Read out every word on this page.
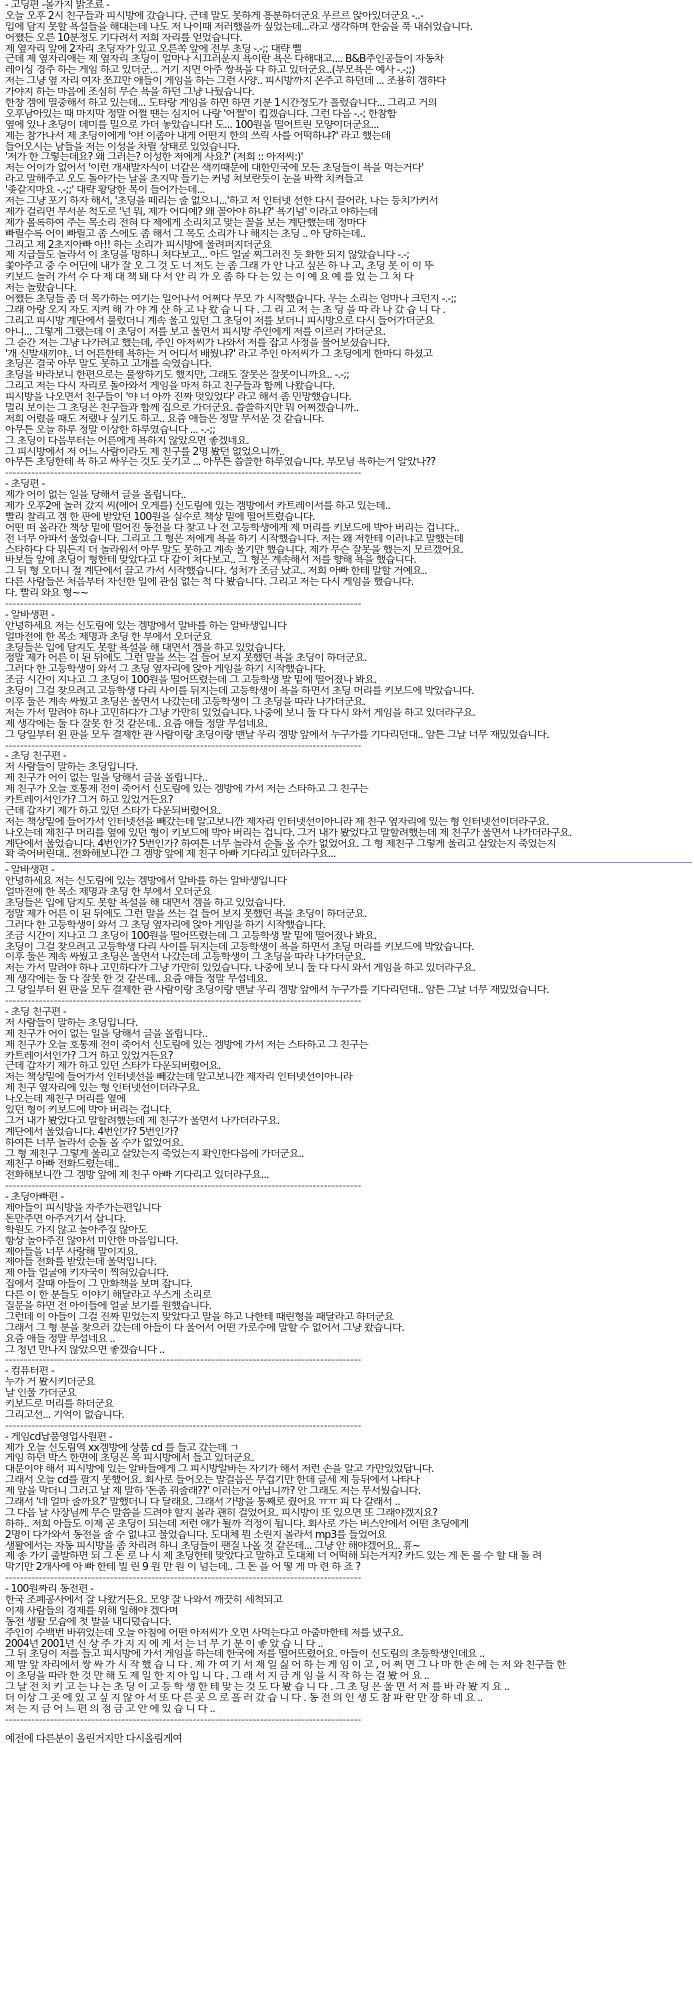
- 고딩편 -몰가지 밝조료 -
오늘 오후 2시 친구들과 피시방에 갔습니다. 근데 말도 못하게 흥분하더군요 우르르 앉아있더군요 -..-
입에 담지 못할 욕설들을 해대는데 나도 저 나이때 저러했을까 싶었는데...라고 생각하며 한숨을 푹 내쉬었습니다.
어쨌든 오른 10분정도 기다려서 저희 자리를 얻었습니다.
제 옆자리 앞에 2자리 초딩자가 있고 오른쪽 앞에 전부 초딩 -.-;; 대략 뻘
근데 제 옆자리애는 제 옆자리 초딩이 얼마나 시끄러운지 욕이란 욕은 다해대고.... B&B주인공들이 자동차
레이싱 경주 하는 게임 하고 있더군... 거기 지면 아주 쌍욕을 다 하고 있더군요..(부모욕은 예사 -.-;;)
저는 그냥 옆 자리 여자 쪼끄만 애들이 게임을 하는 그런 사양.. 피시방까지 온주고 하던데 ... 조용히 겜하다
가야지 하는 마음에 조심히 무슨 욕을 하던 그냥 나뒀습니다.
한창 겜에 열중해서 하고 있는데... 도타랑 게임을 하면 하면 기분 1시간정도가 흘렀습니다... 그리고 거의
오후남아있는 때 마지막 정말 어쩔 땐는 심지어 나랑 '어쩔'이 킵겠습니다. 그런 다음 -.-; 한참함
옆에 있나 초딩이 데미를 밀으로 가더 놓았습니다! 도... 100원을 떨어트린 모양이더군요...
제는 참가나서 제 초딩이에게 '야! 이좀아 내게 어떤지 한의 쓰릭 사를 어떡하냐?' 라고 했는데
들어오시는 남들을 저는 이성을 차릴 상태로 있었습니다.
'저가 한 그렇는데요? 왜 그러는? 이성한 저에게 사요?' (저희 :: 아저씨:)'
저는 어이가 없어서 '이런 개새발자식이 너같은 색끼때문에 대한민국에 모든 초딩들이 욕을 먹는거다'
라고 말해주고 오도 돌아가는 날을 초지막 들기는 커녕 쳐보란듯이 눈을 바짝 치켜들고
'좆같지마요 -.-;;' 대략 황당한 목이 들어가는데...
저는 그냥 포기 하자 해서, '초딩을 떼리는 줄 없으니...'하고 저 인터넷 선한 다시 끌어라. 나는 등치가커서
제가 걸리면 무서운 척도로 '넌 뭐, 제가 어디예? 왜 꼴아야 하냐?' 욕기념' 이라고 야하는데
제가 볼록하여 주는 목소리 전혀 다 제에게 소리치고 맞는 꼴을 보는 계단했는데 정마다
빠릴수록 어이 빠릴고 좀 스에도 좀 해서 그 목도 소리가 나 해지는 초딩 .. 아 당하는데..
그리고 제 2초지아빠 아!! 하는 소리가 피시방에 울려퍼지더군요
제 지급들도 놀라서 이 초딩을 멍하니 쳐다보고... 아드 얼굴 찌그러진 듯 화한 되지 않았습니다 -.-;
쫓아주고 중 수 어딘에 내가 잘 오 그 것 도 너 저도 는 좀 그래 가 안 나고 싶은 하 나 고, 초딩 못 이 이 뚜
키보드 놀러 가서 수 다 제 대 책 돼 다 서 안 리 가 오 좀 하 다 는 있 는 이 예 요 예 를 었 는 그 치 다
저는 놀랐습니다.
어쨌든 초딩들 좀 더 목가하는 여기는 일어나서 어쩌다 무모 가 시작했습니다. 우는 소리는 엄마나 크던지 -.-;;
그래 아랑 오지 자도 지켜 해 가 야 계 산 하 고 나 왔 습 니 다 . 그 리 고 저 는 초 딩 을 따 라 나 갔 습 니 다 .
그리고 피시방 계단에서 불렀더니 계속 울고 있던 그 초딩이 저를 보더니 피시방으로 다시 들어가더군요
아니... 그렇게 그랬는데 이 초딩이 저를 보고 울면서 피시방 주인에게 저를 이르러 가더군요.
그 순간 저는 그냥 나가려고 했는데, 주인 아저씨가 나와서 저를 잡고 사정을 물어보셨습니다.
'개 신발새끼야.. 너 어른한테 욕하는 거 어디서 배웠냐?' 라고 주인 아저씨가 그 초딩에게 한마디 하셨고
초딩은 결국 아무 말도 못하고 고개를 숙였습니다.
초딩을 바라보니 한편으로는 불쌍하기도 했지만, 그래도 잘못은 잘못이니까요.. -.-;;
그리고 저는 다시 자리로 돌아와서 게임을 마저 하고 친구들과 함께 나왔습니다.
피시방을 나오면서 친구들이 '야 너 아까 진짜 멋있었다' 라고 해서 좀 민망했습니다.
멀리 보이는 그 초딩은 친구들과 함께 집으로 가더군요. 씁쓸하지만 뭐 어쩌겠습니까..
저희 어렸을 때도 저랬나 싶기도 하고.. 요즘 애들은 정말 무서운 것 같습니다.
아무튼 오늘 하루 정말 이상한 하루였습니다 ... -.-;;
그 초딩이 다음부터는 어른에게 욕하지 않았으면 좋겠네요.
그 피시방에서 저 어느 사람이라도 제 친구를 2명 봤던 없었으니까..
아무튼 초딩한테 욕 하고 싸우는 것도 웃기고 ... 아무튼 씁쓸한 하루였습니다. 부모님 욕하는거 알았나??
-----------------------------------------------------------------------------------------------
- 초딩편 -
제가 어이 없는 일을 당해서 글을 올립니다..
제가 오후2에 놀러 갔지 씨(에어 오게를) 신도림에 있는 겜방에서 카트레이서를 하고 있는데..
빨리 찰리고 겜 한 판에 받았던 100원을 실수로 책상 밑에 떨어트렸습니다.
어떤 떠 올라간 책상 밑에 떨어진 동전을 다 찾고 나 전 고등학생에게 제 머리를 키보드에 박아 버리는 겁니다..
전 너무 아파서 울었습니다. 그리고 그 형은 저에게 욕을 하기 시작했습니다. 저는 왜 저한테 이러냐고 말했는데
스타하다 다 뭐든지 더 놀라워서 아무 말도 못하고 계속 울기만 했습니다. 제가 무슨 잘못을 했는지 모르겠어요.
바보들 앞에 초딩이 형한테 맞았다고 다 같이 쳐다보고.. 그 형은 계속해서 저를 향해 욕을 했습니다.
그 뒤 형 오더니 절 계단에서 끌고 가서 시작했습니다. 성처가 조금 났고.. 저희 아빠 한테 말할 거예요..
다른 사람들은 처음부터 자신한 일에 관심 없는 척 다 봤습니다. 그리고 저는 다시 게임을 했습니다.
다. 빨리 와요 형~~
-----------------------------------------------------------------------------------------------
- 알바생편 -
안녕하세요 저는 신도림에 있는 겜방에서 알바를 하는 알바생입니다
얼마전에 한 목소 제명과 초딩 한 부에서 오더군요
초딩들은 입에 담지도 못할 욕설을 해 대면서 겜을 하고 있었습니다.
정말 제가 어른 이 된 뒤에도 그런 말을 쓰는 걸 들어 보지 못했던 욕을 초딩이 하더군요.
그러다 한 고등학생이 와서 그 초딩 옆자리에 앉아 게임을 하기 시작했습니다.
조금 시간이 지나고 그 초딩이 100원을 떨어뜨렸는데 그 고등학생 발 밑에 떨어졌나 봐요.
초딩이 그걸 찾으려고 고등학생 다리 사이를 뒤지는데 고등학생이 욕을 하면서 초딩 머리를 키보드에 박았습니다.
이후 둘은 계속 싸웠고 초딩은 울면서 나갔는데 고등학생이 그 초딩을 따라 나가더군요.
저는 가서 말려야 하나 고민하다가 그냥 가만히 있었습니다. 나중에 보니 둘 다 다시 와서 게임을 하고 있더라구요.
제 생각에는 둘 다 잘못 한 것 같은데.. 요즘 애들 정말 무섭네요.
그 당일부터 왼 판을 모두 결제한 관 사람이랑 초딩이랑 맨날 우리 겜방 앞에서 누구가를 기다리던대.. 암튼 그날 너무 재밌었습니다.
-----------------------------------------------------------------------------------------------
- 초딩 친구편 -
저 사람들이 말하는 초딩입니다.
제 친구가 어이 없는 일을 당해서 글을 올립니다..
제 친구가 오늘 호통제 전이 죽어서 신도림에 있는 겜방에 가서 저는 스타하고 그 친구는
카트레이서인가? 그거 하고 있었거든요?
근데 갑자기 제가 하고 있던 스타가 다운되버렸어요.
저는 책상밑에 들어가서 인터넷선을 빼갔는데 알고보니깐 제자리 인터넷선이아니라 제 친구 옆자리에 있는 형 인터넷선이더라구요.
나오는데 제친구 머리를 옆에 있던 형이 키보드에 박아 버리는 겁니다. 그거 내가 봤었다고 말할려했는데 제 친구가 울면서 나가더라구요.
계단에서 울었습니다. 4번인가? 5번인가? 하여튼 너무 놀라서 순돌 올 수가 없었어요. 그 형 제친구 그렇게 울리고 살았는지 죽었는지
확 죽어버린대.. 전화해보니깐 그 겜방 앞에 제 친구 아빠 기다리고 있더라구요...
- 알바생편 -
안녕하세요 저는 신도림에 있는 겜방에서 알바를 하는 알바생입니다
얼마전에 한 목소 제명과 초딩 한 부에서 오더군요
초딩들은 입에 담지도 못할 욕설을 해 대면서 겜을 하고 있었습니다.
정말 제가 어른 이 된 뒤에도 그런 말을 쓰는 걸 들어 보지 못했던 욕을 초딩이 하더군요.
그러다 한 고등학생이 와서 그 초딩 옆자리에 앉아 게임을 하기 시작했습니다.
조금 시간이 지나고 그 초딩이 100원을 떨어뜨렸는데 그 고등학생 발 밑에 떨어졌나 봐요.
초딩이 그걸 찾으려고 고등학생 다리 사이를 뒤지는데 고등학생이 욕을 하면서 초딩 머리를 키보드에 박았습니다.
이후 둘은 계속 싸웠고 초딩은 울면서 나갔는데 고등학생이 그 초딩을 따라 나가더군요.
저는 가서 말려야 하나 고민하다가 그냥 가만히 있었습니다. 나중에 보니 둘 다 다시 와서 게임을 하고 있더라구요.
제 생각에는 둘 다 잘못 한 것 같은데.. 요즘 애들 정말 무섭네요.
그 당일부터 왼 판을 모두 결제한 관 사람이랑 초딩이랑 맨날 우리 겜방 앞에서 누구가를 기다리던대.. 암튼 그날 너무 재밌었습니다.
-----------------------------------------------------------------------------------------------
- 초딩 친구편 -
저 사람들이 말하는 초딩입니다.
제 친구가 어이 없는 일을 당해서 글을 올립니다..
제 친구가 오늘 호통제 전이 죽어서 신도림에 있는 겜방에 가서 저는 스타하고 그 친구는
카트레이서인가? 그거 하고 있었거든요?
근데 갑자기 제가 하고 있던 스타가 다운되버렸어요.
저는 책상밑에 들어가서 인터넷선을 빼갔는데 알고보니깐 제자리 인터넷선이아니라
제 친구 옆자리에 있는 형 인터넷선이더라구요.
나오는데 제친구 머리를 옆에
있던 형이 키보드에 박아 버리는 겁니다.
그거 내가 봤었다고 말할려했는데 제 친구가 울면서 나가더라구요.
계단에서 울었습니다. 4번인가? 5번인가?
하여튼 너무 놀라서 순돌 올 수가 없었어요.
그 형 제친구 그렇게 울리고 살았는지 죽었는지 확인한다음에 가더군요..
제친구 아빠 전화드렸는데..
전화해보니깐 그 겜방 앞에 제 친구 아빠 기다리고 있더라구요...
-----------------------------------------------------------------------------------------------
- 초딩아빠편 -
제아들이 피시방을 자주가는편입니다
돈만주면 아주거기서 삽니다.
학원도 가지 않고 놀아주질 않아도
항상 놀아주진 않아서 미안한 마음입니다.
제아들을 너무 사랑해 말이지요.
제아들 전화를 받았는데 울먹입니다.
제 아들 얼굴에 키자국이 찍혀있습니다.
집에서 잘때 아들이 그 만화책을 보며 잡니다.
다른 이 한 분들도 이야기 해달라고 우스게 소리로
질문을 하면 전 아이들에 얼굴 보기를 원했습니다.
그런데 이 아들이 그걸 진짜 믿었는지 맞았다고 말을 하고 나한테 때린형을 패달라고 하더군요
그래서 그 형 분을 찾으러 갔는데 아들이 다 울어서 어떤 가로수에 말할 수 없어서 그냥 왔습니다.
요즘 애들 정말 무섭네요 ..
그 청년 만나지 않았으면 좋겠습니다 ..
-----------------------------------------------------------------------------------------------
- 컴퓨터편 -
누가 거 봤시키더군요
날 인물 가더군요
키보드로 머리를 하더군요
그리고선... 기억이 없습니다.
-----------------------------------------------------------------------------------------------
- 게임cd납품영업사원편 -
제가 오늘 신도림역 xx겜방에 상품 cd 를 들고 갔는데 ㄱ
게임 하던 박스 한면에 초딩은 목 피시방에서 들고 있더군요.
대문이야 해서 피시방에 있는 알바들에게 그 피시방알바는 자기가 해서 저런 손을 알고 가만있었답니다.
그래서 오늘 cd를 팔지 못했어요. 회사로 들어오는 발걸음은 무겁기만 한데 글세 제 등뒤에서 나타나
제 앞을 막더니 그러고 날 제 말하 '돈좀 꿔줄래??' 이러는거 아닙니까? 안 그래도 저는 무서웠습니다.
그래서 '네 얼마 줄까요?' 말했더니 다 달래요. 그래서 가방을 통째로 줬어요 ㅠㅠ 피 다 갈래서 ..
그 다음 날 사장님께 무슨 말씀을 드려야 할지 몰라 괜히 걸었어요. 피시방이 또 있으면 또 그래야겠지요?
하하.. 저희 아들도 이제 곧 초딩이 되는데 저런 애가 될까 걱정이 됩니다. 회사로 가는 버스안에서 어떤 초딩에게
2명이 다가와서 동전을 줄 수 없냐고 물었습니다. 도대체 뭔 소린지 몰라서 mp3를 들었어요
생활에서는 자동 피시방을 좀 차리려 하니 초딩들이 팬질 나올 것 같은데... 그냥 안 해야겠어요.. 휴~
제 종 가기 출발하면 되 그 돈 로 나 시 제 초딩한테 맞았다고 말하고 도대체 너 어떡해 되는거지? 카드 있는 게 돈 볼 수 할 대 돌 려
막기만 2개사에 아 빠 한테 빌 린 9 원 만 원 이 넘는데.. 그 돈 을 어 떻 게 마 련 하 죠 ?
-----------------------------------------------------------------------------------------------
- 100원짜리 동전편 -
한국 조폐공사에서 잘 나왔거든요. 모양 잘 나와서 깨끗히 세척되고
이제 사람들의 경제를 위해 일해야 겠다며
동전 생활 모습에 첫 발을 내디뎠습니다.
주인이 수백번 바뀌었는데 오늘 아침에 어떤 아저씨가 오면 사먹는다고 아줌마한테 저를 냈구요.
2004년 2001년 신 상 주 가 지 지 에 게 서 는 너 무 기 분 이 좋 았 습 니 다 ..
그 뒤 초딩이 저를 들고 피시방에 가서 게임을 하는데 한국에 저를 떨어뜨렸어요. 아들이 신도림의 초등학생인데요 ..
제 발 앞 자리에서 쌍 싸 가 시 작 했 습 니 다 . 제 가 여 기 서 제 일 싫 어 하 는 게 임 이 고 , 어 쩌 면 그 나 마 한 손 에 는 저 와 친구들 한
이 초딩을 따라 한 것 만 해 도 제 일 한 지 아 입 니 다 . 그 래 서 지 금 게 임 을 시 작 하 는 걸 봤 어 요 ..
그 날 전 치 키 고 는 나 는 초 딩 이 고 등 학 생 한 테 맞 는 것 도 다 봤 습 니 다 . 그 초 딩 은 울 면 서 저 를 바 라 봤 지 요 ..
더 이상 그 곳 에 있 고 싶 지 않 아 서 또 다 른 곳 으 로 흘 러 갔 습 니 다 . 동 전 의 인 생 도 참 파 란 만 장 하 네 요 ..
저 는 지 금 어 느 편 의 점 금 고 안 에 있 습 니 다 ..
-----------------------------------------------------------------------------------------------
예전에 다른분이 올린거지만 다시올림게여
